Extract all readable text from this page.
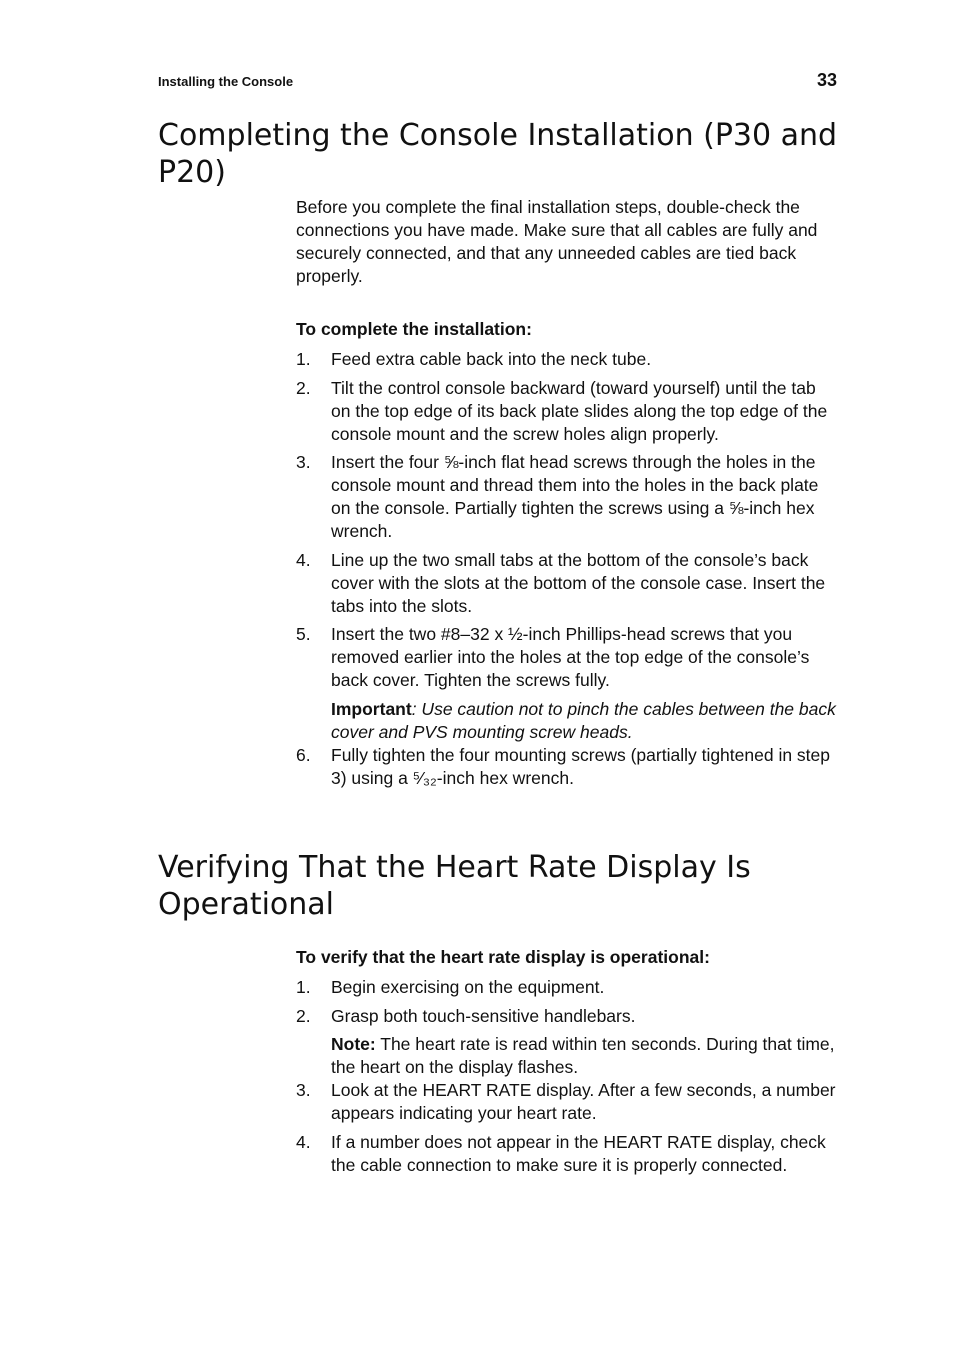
Installing the Console	33
Completing the Console Installation (P30 and P20)

Before you complete the final installation steps, double-check the connections you have made. Make sure that all cables are fully and securely connected, and that any unneeded cables are tied back properly.

To complete the installation:

1. Feed extra cable back into the neck tube.
2. Tilt the control console backward (toward yourself) until the tab on the top edge of its back plate slides along the top edge of the console mount and the screw holes align properly.
3. Insert the four ⅝-inch flat head screws through the holes in the console mount and thread them into the holes in the back plate on the console. Partially tighten the screws using a ⅝-inch hex wrench.
4. Line up the two small tabs at the bottom of the console’s back cover with the slots at the bottom of the console case. Insert the tabs into the slots.
5. Insert the two #8–32 x ½-inch Phillips-head screws that you removed earlier into the holes at the top edge of the console’s back cover. Tighten the screws fully.

Important: Use caution not to pinch the cables between the back cover and PVS mounting screw heads.

6. Fully tighten the four mounting screws (partially tightened in step 3) using a ⁵⁄₃₂-inch hex wrench.
Verifying That the Heart Rate Display Is Operational

To verify that the heart rate display is operational:

1. Begin exercising on the equipment.
2. Grasp both touch-sensitive handlebars.

Note: The heart rate is read within ten seconds. During that time, the heart on the display flashes.

3. Look at the HEART RATE display. After a few seconds, a number appears indicating your heart rate.
4. If a number does not appear in the HEART RATE display, check the cable connection to make sure it is properly connected.
